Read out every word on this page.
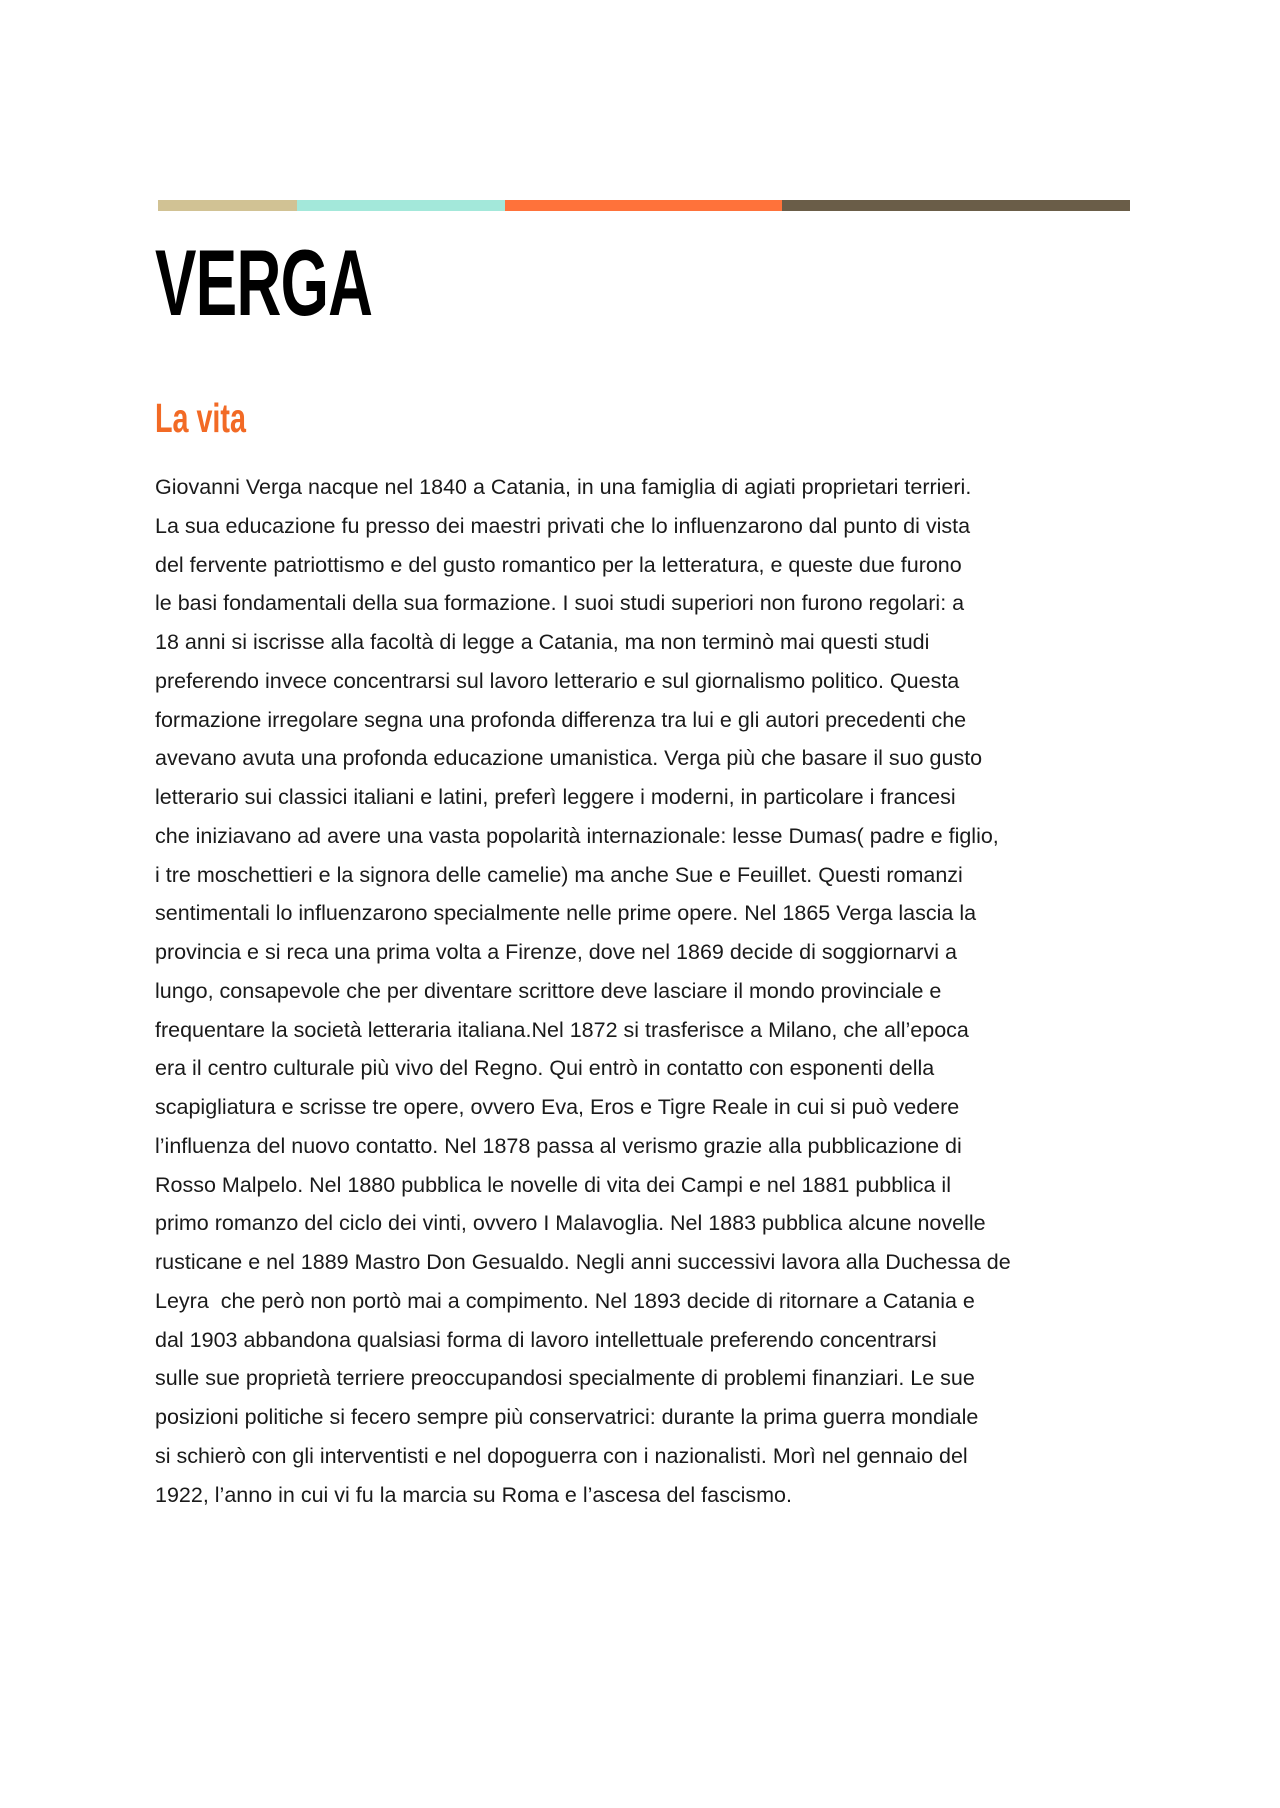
VERGA
La vita
Giovanni Verga nacque nel 1840 a Catania, in una famiglia di agiati proprietari terrieri.
La sua educazione fu presso dei maestri privati che lo influenzarono dal punto di vista
del fervente patriottismo e del gusto romantico per la letteratura, e queste due furono
le basi fondamentali della sua formazione. I suoi studi superiori non furono regolari: a
18 anni si iscrisse alla facoltà di legge a Catania, ma non terminò mai questi studi
preferendo invece concentrarsi sul lavoro letterario e sul giornalismo politico. Questa
formazione irregolare segna una profonda differenza tra lui e gli autori precedenti che
avevano avuta una profonda educazione umanistica. Verga più che basare il suo gusto
letterario sui classici italiani e latini, preferì leggere i moderni, in particolare i francesi
che iniziavano ad avere una vasta popolarità internazionale: lesse Dumas( padre e figlio,
i tre moschettieri e la signora delle camelie) ma anche Sue e Feuillet. Questi romanzi
sentimentali lo influenzarono specialmente nelle prime opere. Nel 1865 Verga lascia la
provincia e si reca una prima volta a Firenze, dove nel 1869 decide di soggiornarvi a
lungo, consapevole che per diventare scrittore deve lasciare il mondo provinciale e
frequentare la società letteraria italiana.Nel 1872 si trasferisce a Milano, che all’epoca
era il centro culturale più vivo del Regno. Qui entrò in contatto con esponenti della
scapigliatura e scrisse tre opere, ovvero Eva, Eros e Tigre Reale in cui si può vedere
l’influenza del nuovo contatto. Nel 1878 passa al verismo grazie alla pubblicazione di
Rosso Malpelo. Nel 1880 pubblica le novelle di vita dei Campi e nel 1881 pubblica il
primo romanzo del ciclo dei vinti, ovvero I Malavoglia. Nel 1883 pubblica alcune novelle
rusticane e nel 1889 Mastro Don Gesualdo. Negli anni successivi lavora alla Duchessa de
Leyra  che però non portò mai a compimento. Nel 1893 decide di ritornare a Catania e
dal 1903 abbandona qualsiasi forma di lavoro intellettuale preferendo concentrarsi
sulle sue proprietà terriere preoccupandosi specialmente di problemi finanziari. Le sue
posizioni politiche si fecero sempre più conservatrici: durante la prima guerra mondiale
si schierò con gli interventisti e nel dopoguerra con i nazionalisti. Morì nel gennaio del
1922, l’anno in cui vi fu la marcia su Roma e l’ascesa del fascismo.
